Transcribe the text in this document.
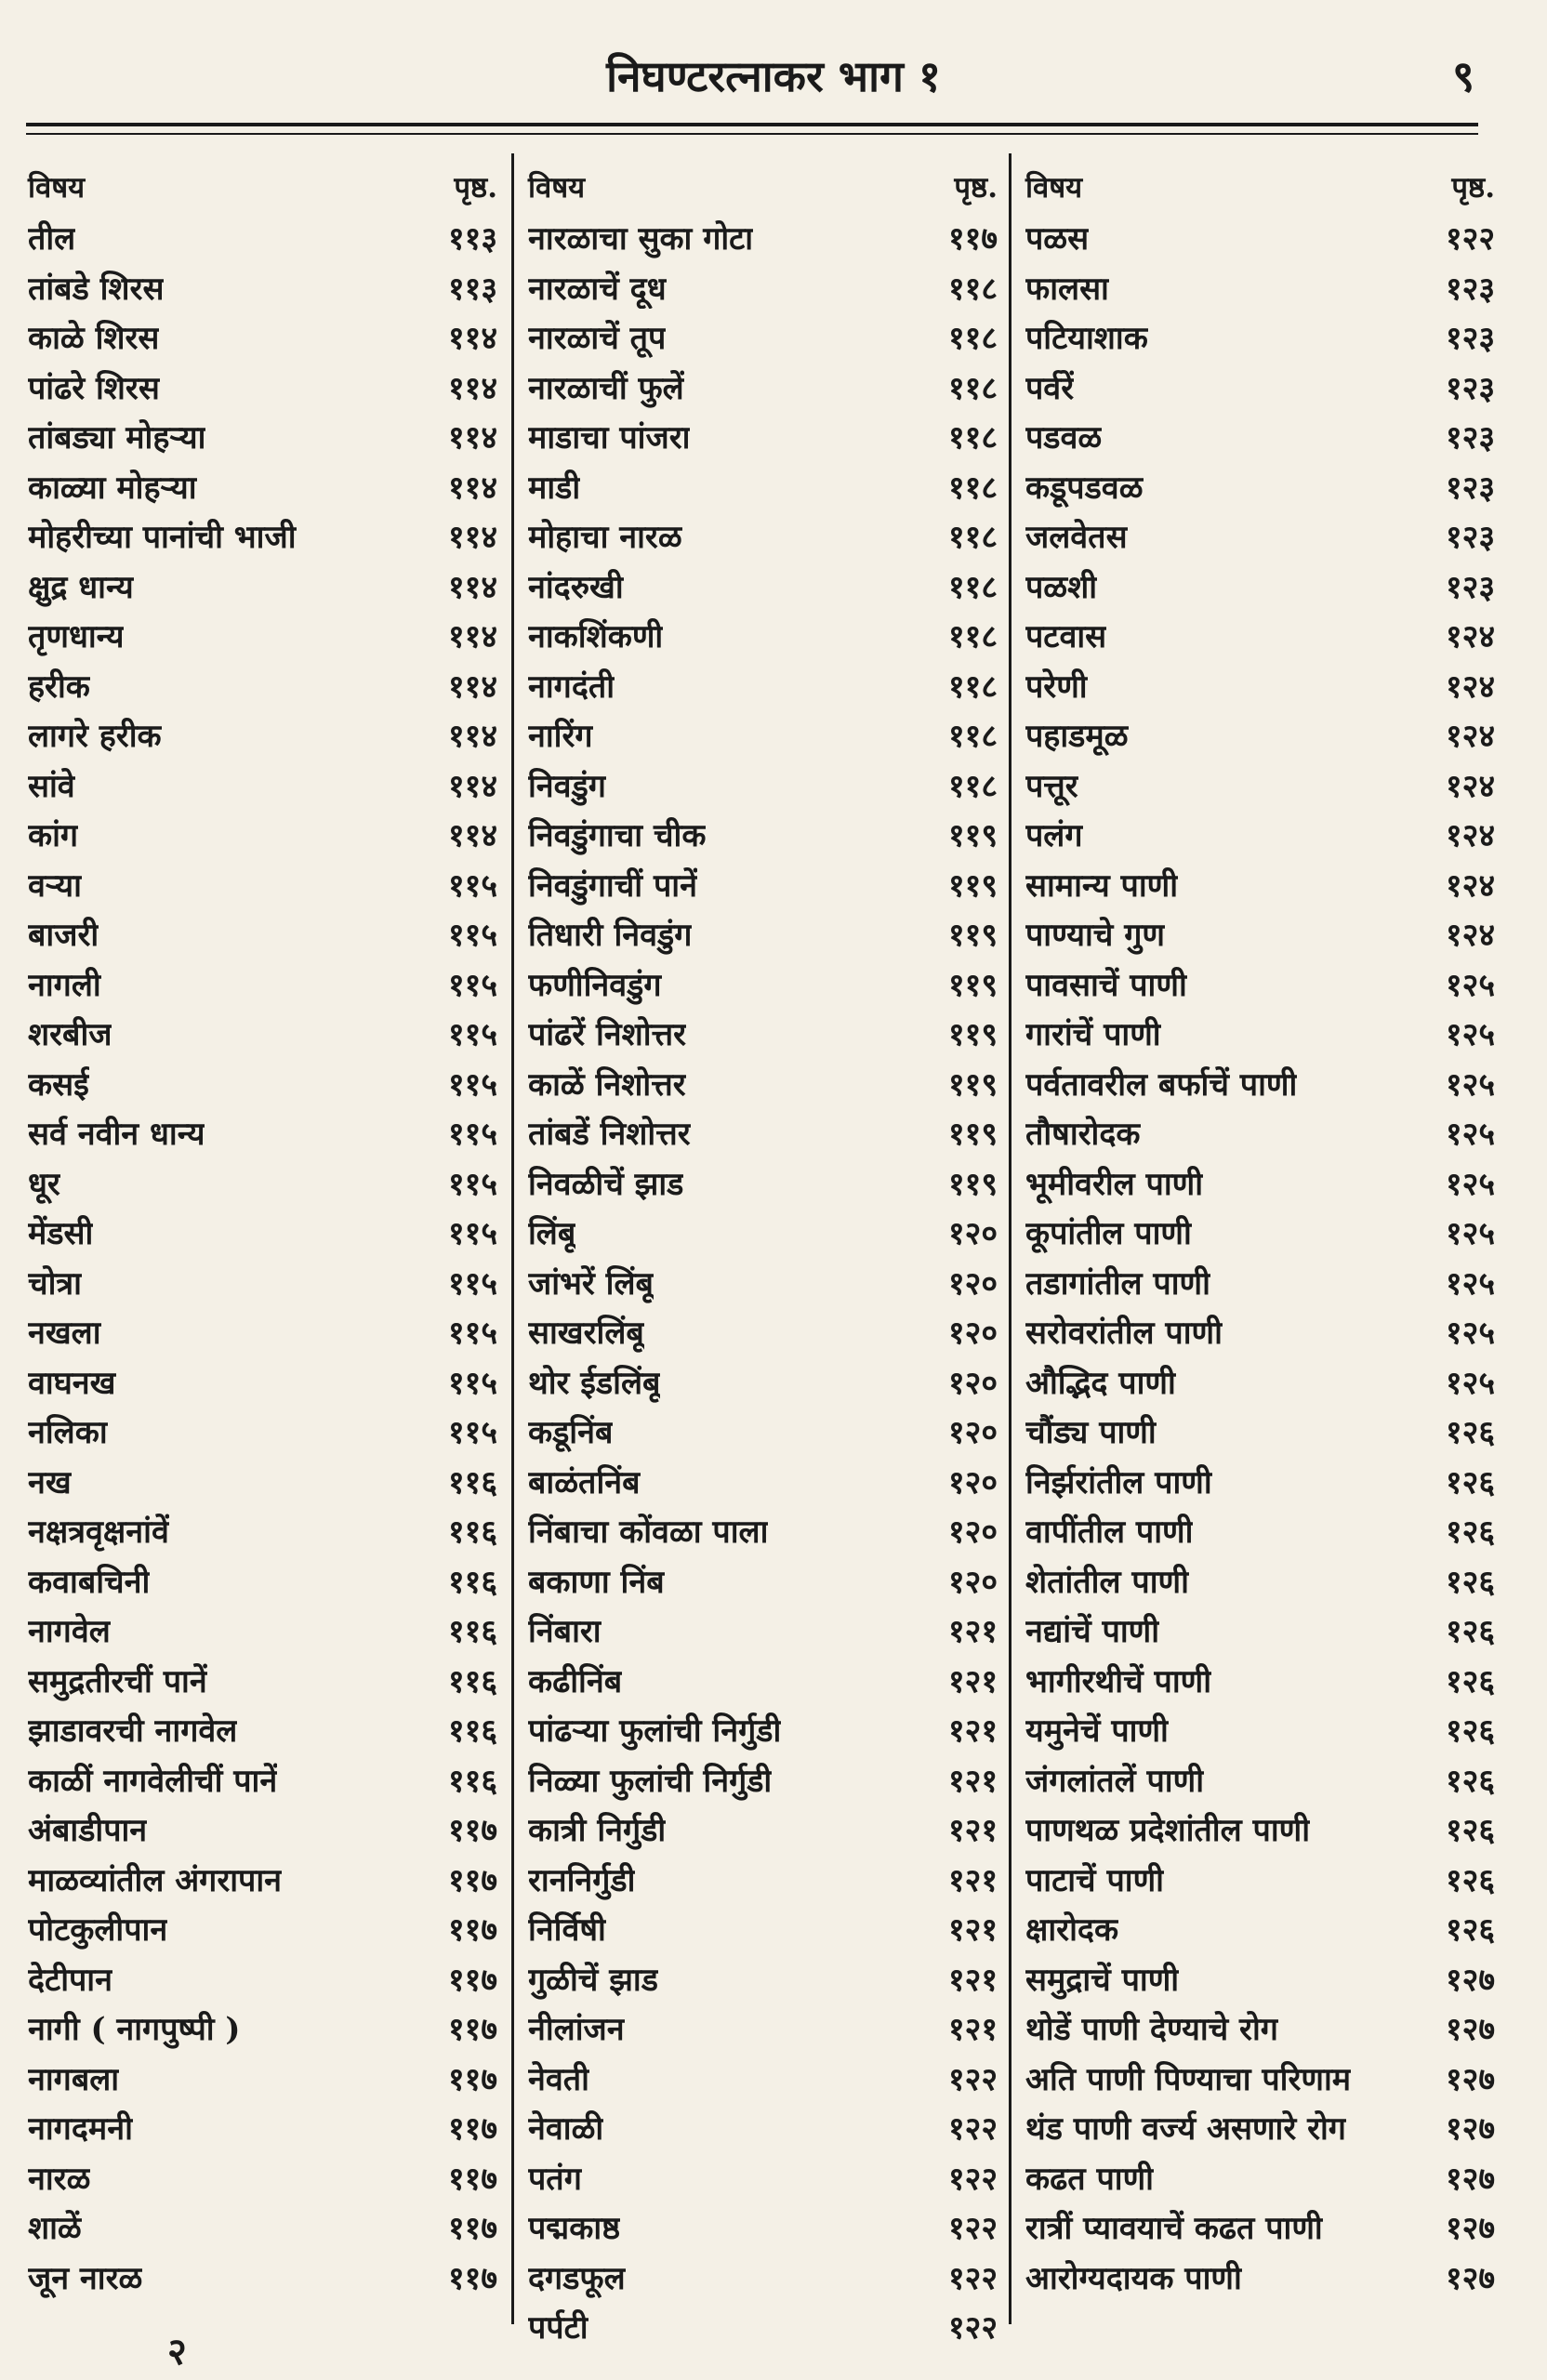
निघण्टरत्नाकर भाग १	९
विषय	पृष्ठ.
तील	११३
तांबडे शिरस	११३
काळे शिरस	११४
पांढरे शिरस	११४
तांबड्या मोहऱ्या	११४
काळ्या मोहऱ्या	११४
मोहरीच्या पानांची भाजी	११४
क्षुद्र धान्य	११४
तृणधान्य	११४
हरीक	११४
लागरे हरीक	११४
सांवे	११४
कांग	११४
वऱ्या	११५
बाजरी	११५
नागली	११५
शरबीज	११५
कसई	११५
सर्व नवीन धान्य	११५
धूर	११५
मेंडसी	११५
चोत्रा	११५
नखला	११५
वाघनख	११५
नलिका	११५
नख	११६
नक्षत्रवृक्षनांवें	११६
कवाबचिनी	११६
नागवेल	११६
समुद्रतीरचीं पानें	११६
झाडावरची नागवेल	११६
काळीं नागवेलीचीं पानें	११६
अंबाडीपान	११७
माळव्यांतील अंगरापान	११७
पोटकुलीपान	११७
देटीपान	११७
नागी ( नागपुष्पी )	११७
नागबला	११७
नागदमनी	११७
नारळ	११७
शाळें	११७
जून नारळ	११७
विषय	पृष्ठ.
नारळाचा सुका गोटा	११७
नारळाचें दूध	११८
नारळाचें तूप	११८
नारळाचीं फुलें	११८
माडाचा पांजरा	११८
माडी	११८
मोहाचा नारळ	११८
नांदरुखी	११८
नाकशिंकणी	११८
नागदंती	११८
नारिंग	११८
निवडुंग	११८
निवडुंगाचा चीक	११९
निवडुंगाचीं पानें	११९
तिधारी निवडुंग	११९
फणीनिवडुंग	११९
पांढरें निशोत्तर	११९
काळें निशोत्तर	११९
तांबडें निशोत्तर	११९
निवळीचें झाड	११९
लिंबू	१२०
जांभरें लिंबू	१२०
साखरलिंबू	१२०
थोर ईडलिंबू	१२०
कडूनिंब	१२०
बाळंतनिंब	१२०
निंबाचा कोंवळा पाला	१२०
बकाणा निंब	१२०
निंबारा	१२१
कढीनिंब	१२१
पांढऱ्या फुलांची निर्गुडी	१२१
निळ्या फुलांची निर्गुडी	१२१
कात्री निर्गुडी	१२१
राननिर्गुडी	१२१
निर्विषी	१२१
गुळीचें झाड	१२१
नीलांजन	१२१
नेवती	१२२
नेवाळी	१२२
पतंग	१२२
पद्मकाष्ठ	१२२
दगडफूल	१२२
पर्पटी	१२२
विषय	पृष्ठ.
पळस	१२२
फालसा	१२३
पटियाशाक	१२३
पर्वरें	१२३
पडवळ	१२३
कडूपडवळ	१२३
जलवेतस	१२३
पळशी	१२३
पटवास	१२४
परेणी	१२४
पहाडमूळ	१२४
पत्तूर	१२४
पलंग	१२४
सामान्य पाणी	१२४
पाण्याचे गुण	१२४
पावसाचें पाणी	१२५
गारांचें पाणी	१२५
पर्वतावरील बर्फाचें पाणी	१२५
तौषारोदक	१२५
भूमीवरील पाणी	१२५
कूपांतील पाणी	१२५
तडागांतील पाणी	१२५
सरोवरांतील पाणी	१२५
औद्भिद पाणी	१२५
चौंड्य पाणी	१२६
निर्झरांतील पाणी	१२६
वापींतील पाणी	१२६
शेतांतील पाणी	१२६
नद्यांचें पाणी	१२६
भागीरथीचें पाणी	१२६
यमुनेचें पाणी	१२६
जंगलांतलें पाणी	१२६
पाणथळ प्रदेशांतील पाणी	१२६
पाटाचें पाणी	१२६
क्षारोदक	१२६
समुद्राचें पाणी	१२७
थोडें पाणी देण्याचे रोग	१२७
अति पाणी पिण्याचा परिणाम	१२७
थंड पाणी वर्ज्य असणारे रोग	१२७
कढत पाणी	१२७
रात्रीं प्यावयाचें कढत पाणी	१२७
आरोग्यदायक पाणी	१२७
२
